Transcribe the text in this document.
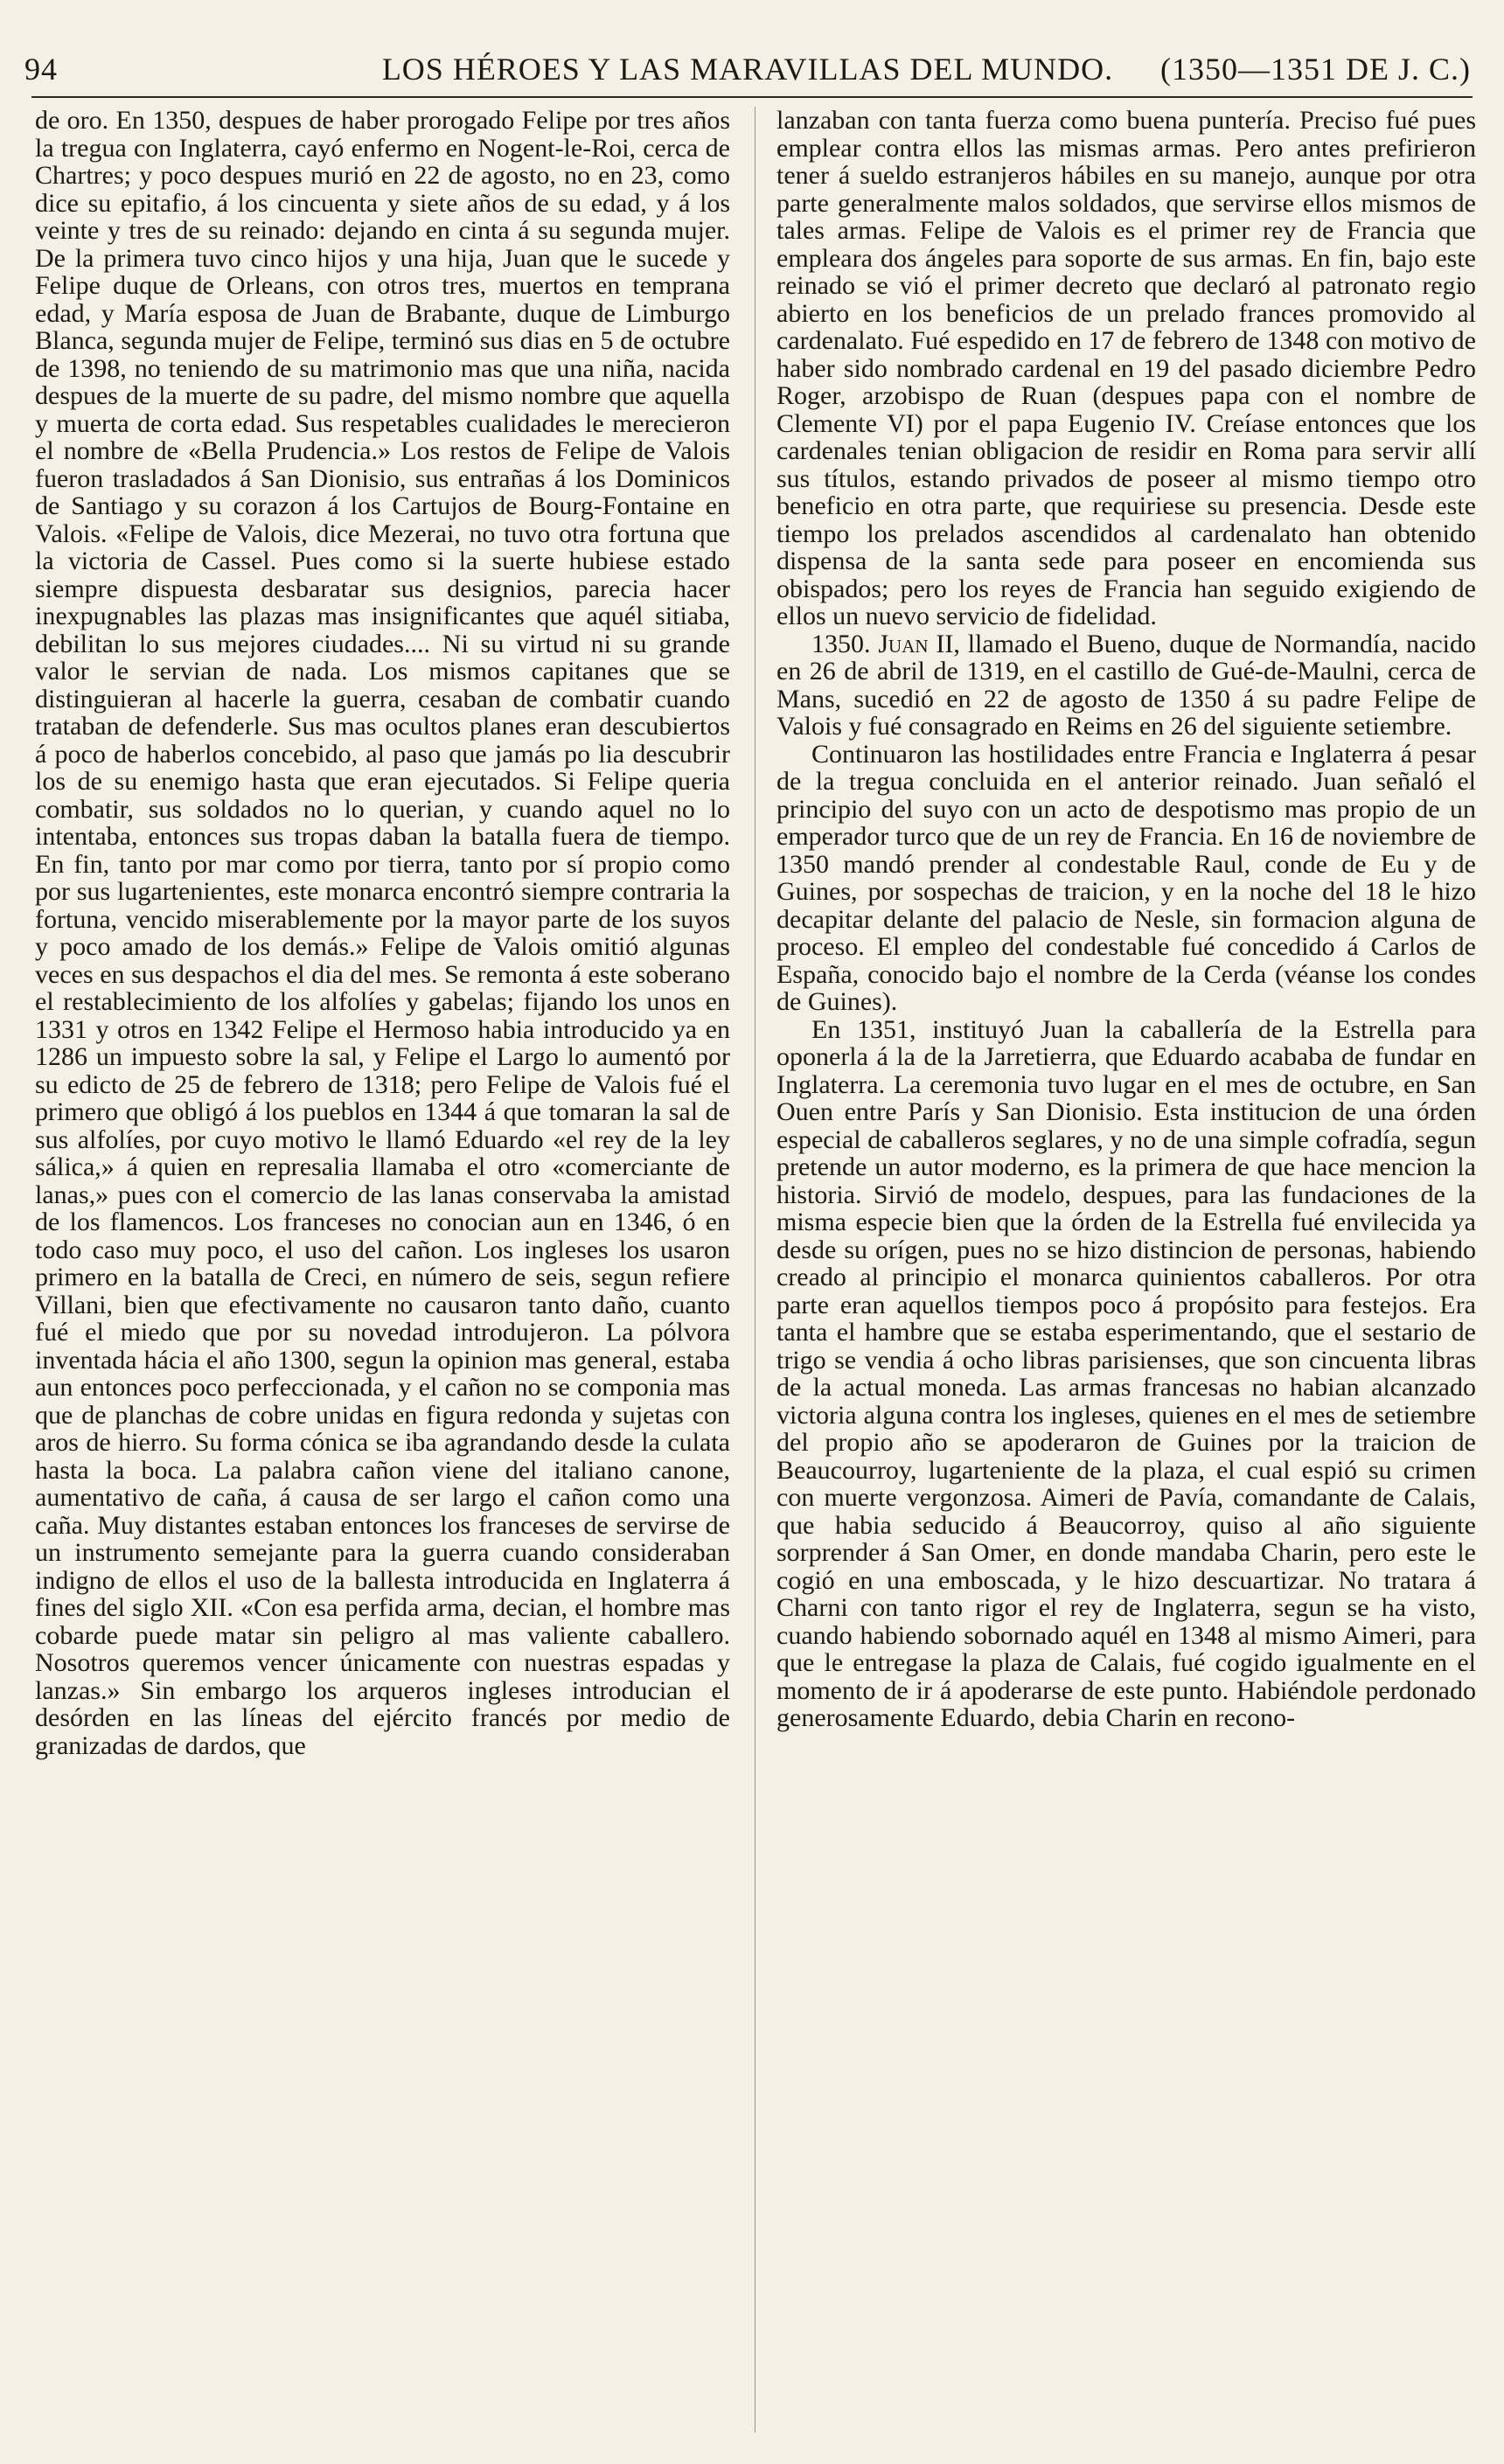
94	LOS HÉROES Y LAS MARAVILLAS DEL MUNDO.	(1350—1351 DE J. C.)

de oro. En 1350, despues de haber prorogado Felipe por tres años la tregua con Inglaterra, cayó enfermo en Nogent-le-Roi, cerca de Chartres; y poco despues murió en 22 de agosto, no en 23, como dice su epitafio, á los cincuenta y siete años de su edad, y á los veinte y tres de su reinado: dejando en cinta á su segunda mujer. De la primera tuvo cinco hijos y una hija, Juan que le sucede y Felipe duque de Orleans, con otros tres, muertos en temprana edad, y María esposa de Juan de Brabante, duque de Limburgo Blanca, segunda mujer de Felipe, terminó sus dias en 5 de octubre de 1398, no teniendo de su matrimonio mas que una niña, nacida despues de la muerte de su padre, del mismo nombre que aquella y muerta de corta edad. Sus respetables cualidades le merecieron el nombre de «Bella Prudencia.» Los restos de Felipe de Valois fueron trasladados á San Dionisio, sus entrañas á los Dominicos de Santiago y su corazon á los Cartujos de Bourg-Fontaine en Valois. «Felipe de Valois, dice Mezerai, no tuvo otra fortuna que la victoria de Cassel. Pues como si la suerte hubiese estado siempre dispuesta desbaratar sus designios, parecia hacer inexpugnables las plazas mas insignificantes que aquél sitiaba, debilitan lo sus mejores ciudades.... Ni su virtud ni su grande valor le servian de nada. Los mismos capitanes que se distinguieran al hacerle la guerra, cesaban de combatir cuando trataban de defenderle. Sus mas ocultos planes eran descubiertos á poco de haberlos concebido, al paso que jamás po lia descubrir los de su enemigo hasta que eran ejecutados. Si Felipe queria combatir, sus soldados no lo querian, y cuando aquel no lo intentaba, entonces sus tropas daban la batalla fuera de tiempo. En fin, tanto por mar como por tierra, tanto por sí propio como por sus lugartenientes, este monarca encontró siempre contraria la fortuna, vencido miserablemente por la mayor parte de los suyos y poco amado de los demás.» Felipe de Valois omitió algunas veces en sus despachos el dia del mes. Se remonta á este soberano el restablecimiento de los alfolíes y gabelas; fijando los unos en 1331 y otros en 1342 Felipe el Hermoso habia introducido ya en 1286 un impuesto sobre la sal, y Felipe el Largo lo aumentó por su edicto de 25 de febrero de 1318; pero Felipe de Valois fué el primero que obligó á los pueblos en 1344 á que tomaran la sal de sus alfolíes, por cuyo motivo le llamó Eduardo «el rey de la ley sálica,» á quien en represalia llamaba el otro «comerciante de lanas,» pues con el comercio de las lanas conservaba la amistad de los flamencos. Los franceses no conocian aun en 1346, ó en todo caso muy poco, el uso del cañon. Los ingleses los usaron primero en la batalla de Creci, en número de seis, segun refiere Villani, bien que efectivamente no causaron tanto daño, cuanto fué el miedo que por su novedad introdujeron. La pólvora inventada hácia el año 1300, segun la opinion mas general, estaba aun entonces poco perfeccionada, y el cañon no se componia mas que de planchas de cobre unidas en figura redonda y sujetas con aros de hierro. Su forma cónica se iba agrandando desde la culata hasta la boca. La palabra cañon viene del italiano canone, aumentativo de caña, á causa de ser largo el cañon como una caña. Muy distantes estaban entonces los franceses de servirse de un instrumento semejante para la guerra cuando consideraban indigno de ellos el uso de la ballesta introducida en Inglaterra á fines del siglo XII. «Con esa perfida arma, decian, el hombre mas cobarde puede matar sin peligro al mas valiente caballero. Nosotros queremos vencer únicamente con nuestras espadas y lanzas.» Sin embargo los arqueros ingleses introducian el desórden en las líneas del ejército francés por medio de granizadas de dardos, que

lanzaban con tanta fuerza como buena puntería. Preciso fué pues emplear contra ellos las mismas armas. Pero antes prefirieron tener á sueldo estranjeros hábiles en su manejo, aunque por otra parte generalmente malos soldados, que servirse ellos mismos de tales armas. Felipe de Valois es el primer rey de Francia que empleara dos ángeles para soporte de sus armas. En fin, bajo este reinado se vió el primer decreto que declaró al patronato regio abierto en los beneficios de un prelado frances promovido al cardenalato. Fué espedido en 17 de febrero de 1348 con motivo de haber sido nombrado cardenal en 19 del pasado diciembre Pedro Roger, arzobispo de Ruan (despues papa con el nombre de Clemente VI) por el papa Eugenio IV. Creíase entonces que los cardenales tenian obligacion de residir en Roma para servir allí sus títulos, estando privados de poseer al mismo tiempo otro beneficio en otra parte, que requiriese su presencia. Desde este tiempo los prelados ascendidos al cardenalato han obtenido dispensa de la santa sede para poseer en encomienda sus obispados; pero los reyes de Francia han seguido exigiendo de ellos un nuevo servicio de fidelidad.

1350. Juan II, llamado el Bueno, duque de Normandía, nacido en 26 de abril de 1319, en el castillo de Gué-de-Maulni, cerca de Mans, sucedió en 22 de agosto de 1350 á su padre Felipe de Valois y fué consagrado en Reims en 26 del siguiente setiembre.

Continuaron las hostilidades entre Francia e Inglaterra á pesar de la tregua concluida en el anterior reinado. Juan señaló el principio del suyo con un acto de despotismo mas propio de un emperador turco que de un rey de Francia. En 16 de noviembre de 1350 mandó prender al condestable Raul, conde de Eu y de Guines, por sospechas de traicion, y en la noche del 18 le hizo decapitar delante del palacio de Nesle, sin formacion alguna de proceso. El empleo del condestable fué concedido á Carlos de España, conocido bajo el nombre de la Cerda (véanse los condes de Guines).

En 1351, instituyó Juan la caballería de la Estrella para oponerla á la de la Jarretierra, que Eduardo acababa de fundar en Inglaterra. La ceremonia tuvo lugar en el mes de octubre, en San Ouen entre París y San Dionisio. Esta institucion de una órden especial de caballeros seglares, y no de una simple cofradía, segun pretende un autor moderno, es la primera de que hace mencion la historia. Sirvió de modelo, despues, para las fundaciones de la misma especie bien que la órden de la Estrella fué envilecida ya desde su orígen, pues no se hizo distincion de personas, habiendo creado al principio el monarca quinientos caballeros. Por otra parte eran aquellos tiempos poco á propósito para festejos. Era tanta el hambre que se estaba esperimentando, que el sestario de trigo se vendia á ocho libras parisienses, que son cincuenta libras de la actual moneda. Las armas francesas no habian alcanzado victoria alguna contra los ingleses, quienes en el mes de setiembre del propio año se apoderaron de Guines por la traicion de Beaucourroy, lugarteniente de la plaza, el cual espió su crimen con muerte vergonzosa. Aimeri de Pavía, comandante de Calais, que habia seducido á Beaucorroy, quiso al año siguiente sorprender á San Omer, en donde mandaba Charin, pero este le cogió en una emboscada, y le hizo descuartizar. No tratara á Charni con tanto rigor el rey de Inglaterra, segun se ha visto, cuando habiendo sobornado aquél en 1348 al mismo Aimeri, para que le entregase la plaza de Calais, fué cogido igualmente en el momento de ir á apoderarse de este punto. Habiéndole perdonado generosamente Eduardo, debia Charin en recono-
